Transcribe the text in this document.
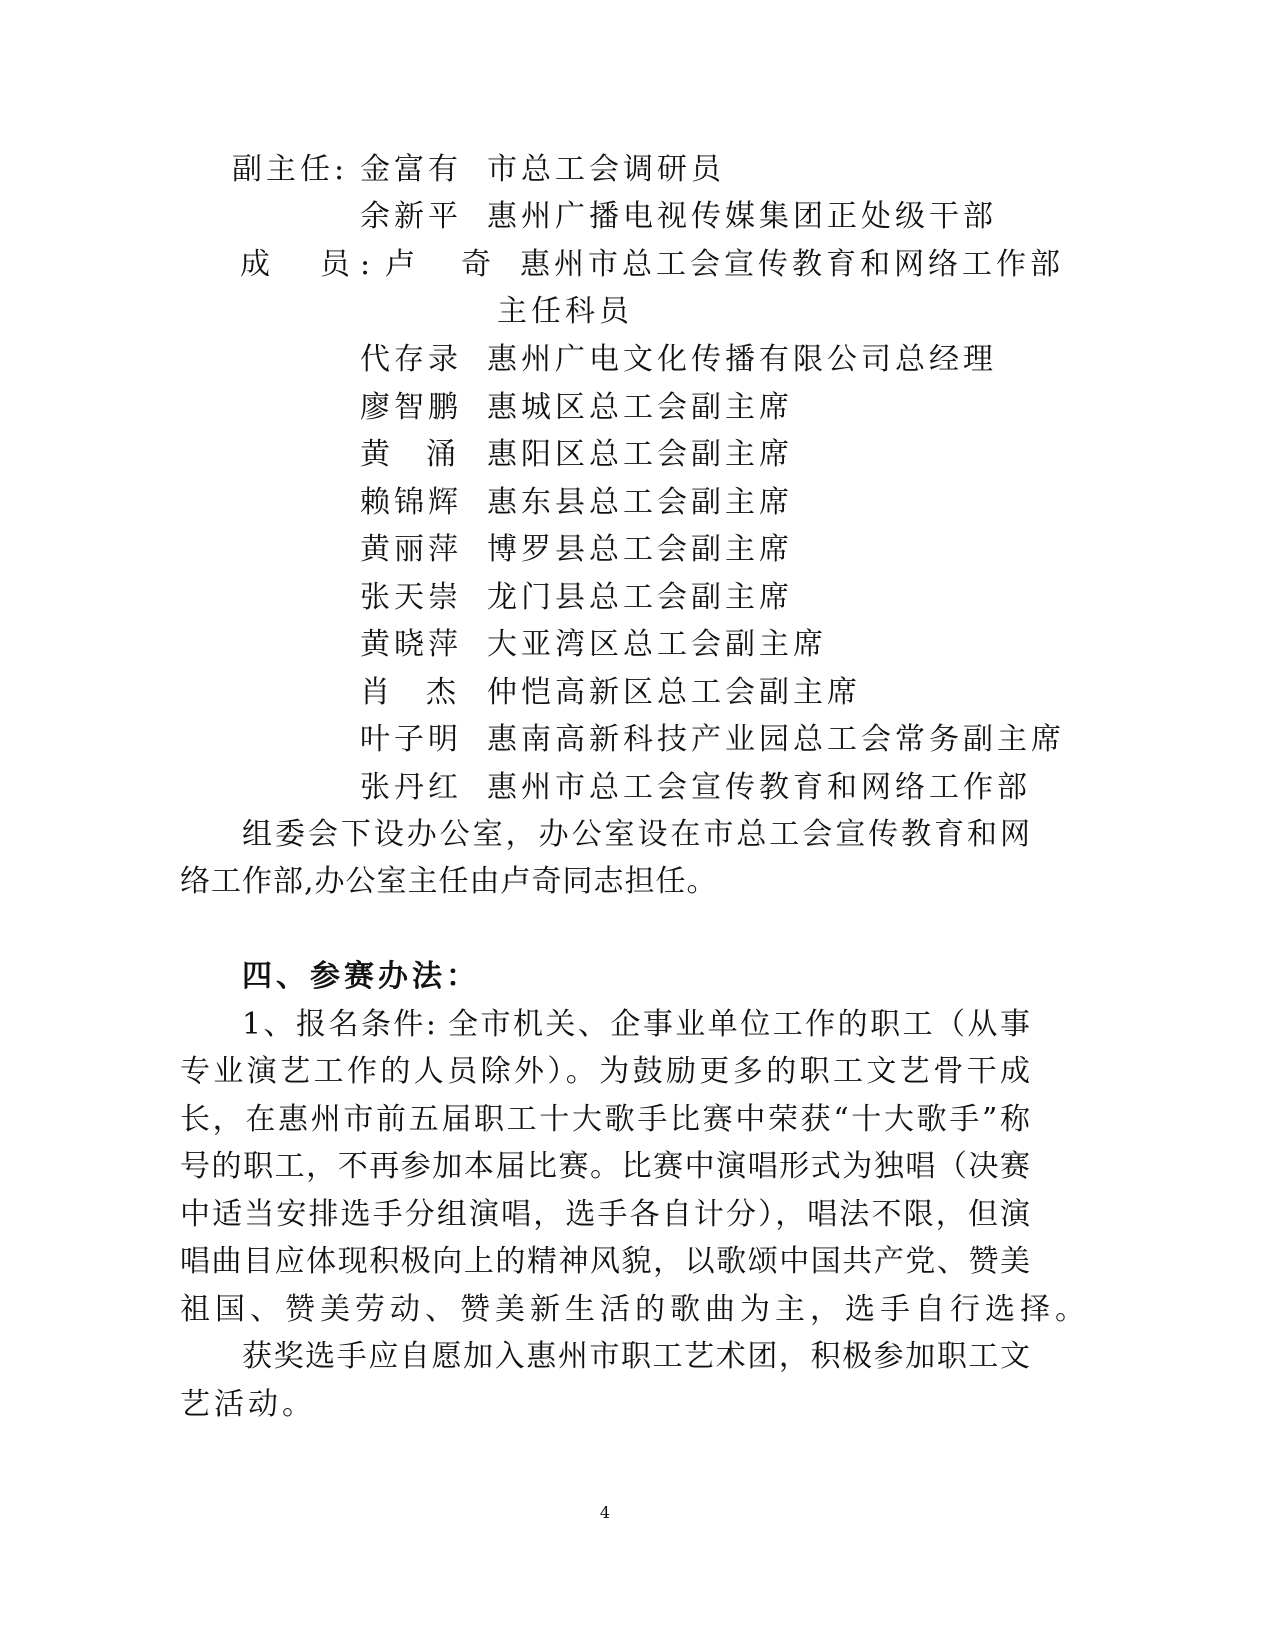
副主任: 金富有 市总工会调研员
余新平 惠州广播电视传媒集团正处级干部
成　员: 卢　奇 惠州市总工会宣传教育和网络工作部
主任科员
代存录 惠州广电文化传播有限公司总经理
廖智鹏 惠城区总工会副主席
黄　涌 惠阳区总工会副主席
赖锦辉 惠东县总工会副主席
黄丽萍 博罗县总工会副主席
张天崇 龙门县总工会副主席
黄晓萍 大亚湾区总工会副主席
肖　杰 仲恺高新区总工会副主席
叶子明 惠南高新科技产业园总工会常务副主席
张丹红 惠州市总工会宣传教育和网络工作部
组委会下设办公室，办公室设在市总工会宣传教育和网
络工作部,办公室主任由卢奇同志担任。
四、参赛办法：
1、报名条件: 全市机关、企事业单位工作的职工（从事
专业演艺工作的人员除外）。为鼓励更多的职工文艺骨干成
长，在惠州市前五届职工十大歌手比赛中荣获“十大歌手”称
号的职工，不再参加本届比赛。比赛中演唱形式为独唱（决赛
中适当安排选手分组演唱，选手各自计分），唱法不限，但演
唱曲目应体现积极向上的精神风貌，以歌颂中国共产党、赞美
祖国、赞美劳动、赞美新生活的歌曲为主，选手自行选择。
获奖选手应自愿加入惠州市职工艺术团，积极参加职工文
艺活动。
4
